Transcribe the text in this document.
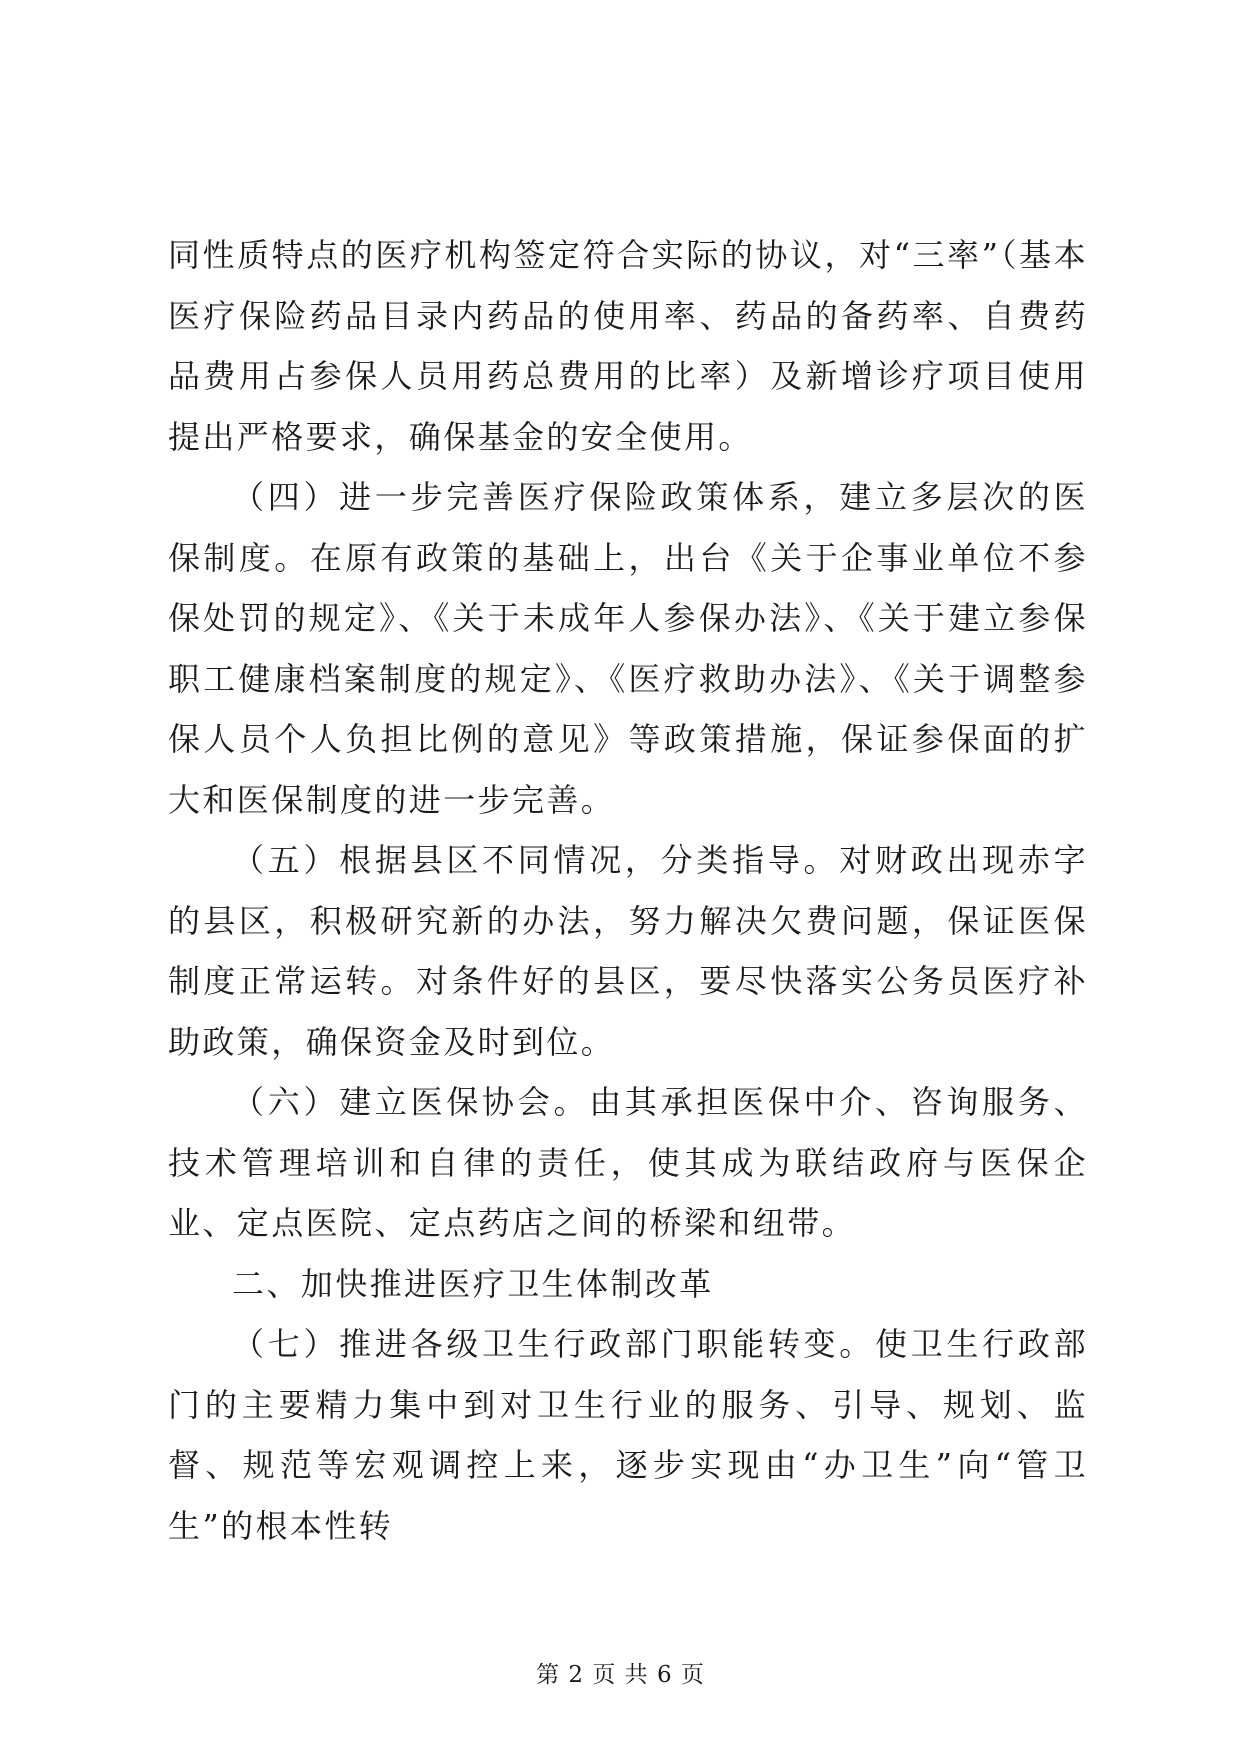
同性质特点的医疗机构签定符合实际的协议，对“三率”（基本医疗保险药品目录内药品的使用率、药品的备药率、自费药品费用占参保人员用药总费用的比率）及新增诊疗项目使用提出严格要求，确保基金的安全使用。

（四）进一步完善医疗保险政策体系，建立多层次的医保制度。在原有政策的基础上，出台《关于企事业单位不参保处罚的规定》、《关于未成年人参保办法》、《关于建立参保职工健康档案制度的规定》、《医疗救助办法》、《关于调整参保人员个人负担比例的意见》等政策措施，保证参保面的扩大和医保制度的进一步完善。

（五）根据县区不同情况，分类指导。对财政出现赤字的县区，积极研究新的办法，努力解决欠费问题，保证医保制度正常运转。对条件好的县区，要尽快落实公务员医疗补助政策，确保资金及时到位。

（六）建立医保协会。由其承担医保中介、咨询服务、技术管理培训和自律的责任，使其成为联结政府与医保企业、定点医院、定点药店之间的桥梁和纽带。

二、加快推进医疗卫生体制改革

（七）推进各级卫生行政部门职能转变。使卫生行政部门的主要精力集中到对卫生行业的服务、引导、规划、监督、规范等宏观调控上来，逐步实现由“办卫生”向“管卫生”的根本性转

第 2 页 共 6 页
